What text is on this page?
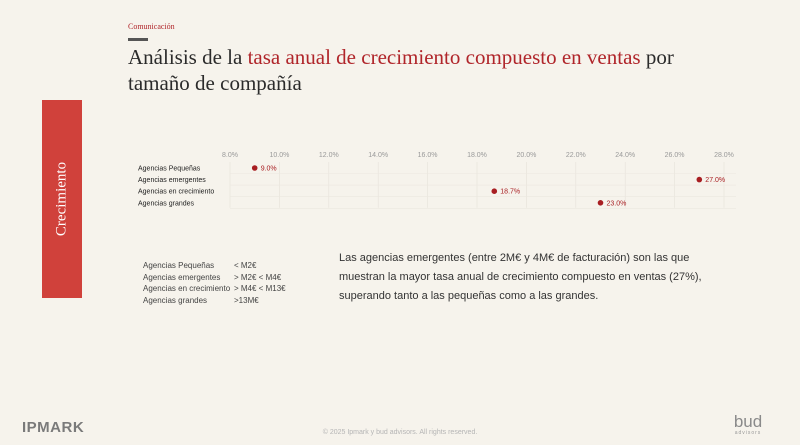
Comunicación
Análisis de la tasa anual de crecimiento compuesto en ventas por tamaño de compañía
Crecimiento
8.0%	10.0%	12.0%	14.0%	16.0%	18.0%	20.0%	22.0%	24.0%	26.0%	28.0%
Agencias Pequeñas	9.0%
Agencias emergentes	27.0%
Agencias en crecimiento	18.7%
Agencias grandes	23.0%
Agencias Pequeñas < M2€
Agencias emergentes > M2€ < M4€
Agencias en crecimiento > M4€ < M13€
Agencias grandes	>13M€
Las agencias emergentes (entre 2M€ y 4M€ de facturación) son las que muestran la mayor tasa anual de crecimiento compuesto en ventas (27%), superando tanto a las pequeñas como a las grandes.
IPMARK	© 2025 Ipmark y bud advisors. All rights reserved.
bud
advisors
